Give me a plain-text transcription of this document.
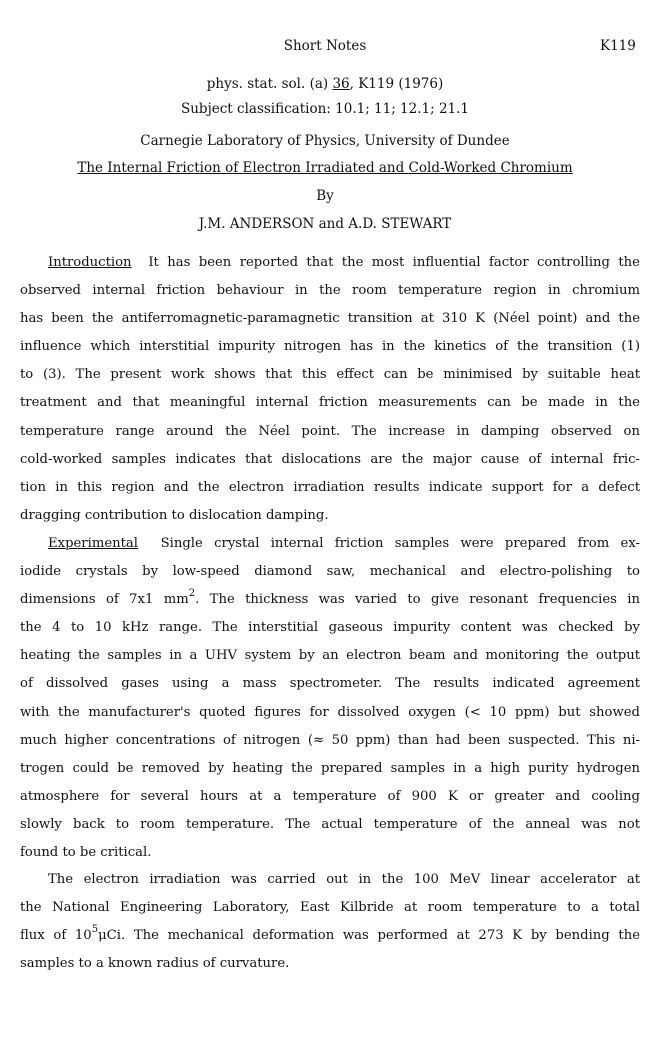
Short Notes	K119
phys. stat. sol. (a) 36, K119 (1976)
Subject classification: 10.1; 11; 12.1; 21.1
Carnegie Laboratory of Physics, University of Dundee
The Internal Friction of Electron Irradiated and Cold-Worked Chromium
By
J.M. ANDERSON and A.D. STEWART
Introduction It has been reported that the most influential factor controlling the
observed internal friction behaviour in the room temperature region in chromium
has been the antiferromagnetic-paramagnetic transition at 310 K (Néel point) and the
influence which interstitial impurity nitrogen has in the kinetics of the transition (1)
to (3). The present work shows that this effect can be minimised by suitable heat
treatment and that meaningful internal friction measurements can be made in the
temperature range around the Néel point. The increase in damping observed on
cold-worked samples indicates that dislocations are the major cause of internal fric-
tion in this region and the electron irradiation results indicate support for a defect
dragging contribution to dislocation damping.
Experimental Single crystal internal friction samples were prepared from ex-
iodide crystals by low-speed diamond saw, mechanical and electro-polishing to
dimensions of 7x1 $mm^2$. The thickness was varied to give resonant frequencies in
the 4 to 10 kHz range. The interstitial gaseous impurity content was checked by
heating the samples in a UHV system by an electron beam and monitoring the output
of dissolved gases using a mass spectrometer. The results indicated agreement
with the manufacturer's quoted figures for dissolved oxygen (< 10 ppm) but showed
much higher concentrations of nitrogen (≈ 50 ppm) than had been suspected. This ni-
trogen could be removed by heating the prepared samples in a high purity hydrogen
atmosphere for several hours at a temperature of 900 K or greater and cooling
slowly back to room temperature. The actual temperature of the anneal was not
found to be critical.
The electron irradiation was carried out in the 100 MeV linear accelerator at
the National Engineering Laboratory, East Kilbride at room temperature to a total
flux of $10^5\mu Ci$. The mechanical deformation was performed at 273 K by bending the
samples to a known radius of curvature.
